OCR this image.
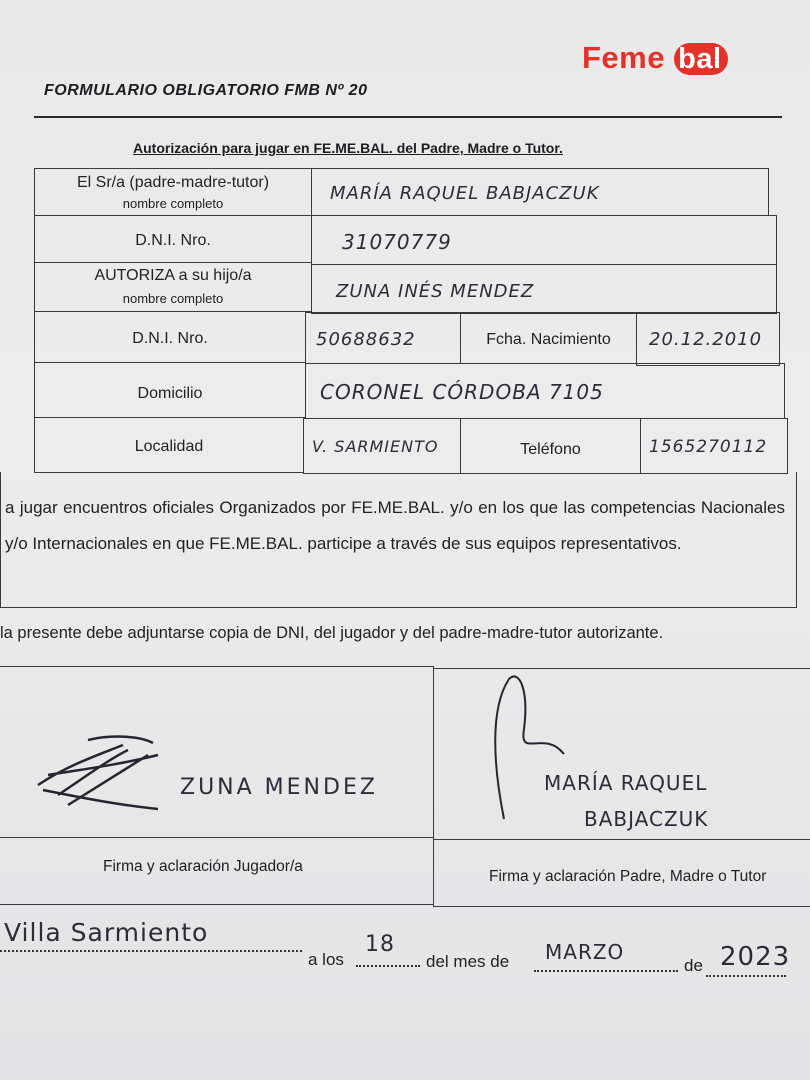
Feme bal
FORMULARIO OBLIGATORIO FMB Nº 20
Autorización para jugar en FE.ME.BAL. del Padre, Madre o Tutor.
El Sr/a (padre-madre-tutor)
nombre completo	MARÍA RAQUEL BABJACZUK
D.N.I. Nro.	31070779
AUTORIZA a su hijo/a
nombre completo	ZUNA INÉS MENDEZ
D.N.I. Nro.	50688632	Fcha. Nacimiento	20.12.2010
Domicilio	CORONEL CÓRDOBA 7105
Localidad	V. SARMIENTO	Teléfono	1565270112
a jugar encuentros oficiales Organizados por FE.ME.BAL. y/o en los que las competencias Nacionales y/o Internacionales en que FE.ME.BAL. participe a través de sus equipos representativos.
la presente debe adjuntarse copia de DNI, del jugador y del padre-madre-tutor autorizante.
ZUNA MENDEZ	MARÍA RAQUEL
BABJACZUK
Firma y aclaración Jugador/a
Firma y aclaración Padre, Madre o Tutor
Villa Sarmiento
a los
18
del mes de MARZO
de 2023
